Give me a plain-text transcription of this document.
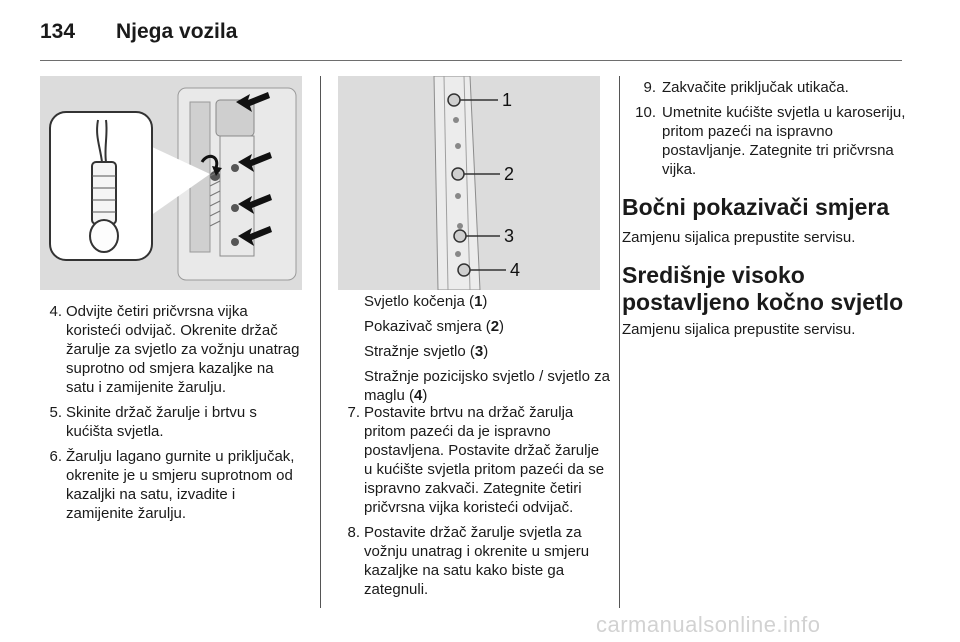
134 Njega vozila
1
2
3
4
4. Odvijte četiri pričvrsna vijka koristeći odvijač. Okrenite držač žarulje za svjetlo za vožnju unatrag suprotno od smjera kazaljke na satu i zamijenite žarulju.
5. Skinite držač žarulje i brtvu s kućišta svjetla.
6. Žarulju lagano gurnite u priključak, okrenite je u smjeru suprotnom od kazaljki na satu, izvadite i zamijenite žarulju.

Svjetlo kočenja (1)

Pokazivač smjera (2)

Stražnje svjetlo (3)

Stražnje pozicijsko svjetlo / svjetlo za maglu (4)

7. Postavite brtvu na držač žarulja pritom pazeći da je ispravno postavljena. Postavite držač žarulje u kućište svjetla pritom pazeći da se ispravno zakvači. Zategnite četiri pričvrsna vijka koristeći odvijač.
8. Postavite držač žarulje svjetla za vožnju unatrag i okrenite u smjeru kazaljke na satu kako biste ga zategnuli.
9. Zakvačite priključak utikača.
10. Umetnite kućište svjetla u karoseriju, pritom pazeći na ispravno postavljanje. Zategnite tri pričvrsna vijka.
Bočni pokazivači smjera
Zamjenu sijalica prepustite servisu.
Središnje visoko
postavljeno kočno svjetlo
Zamjenu sijalica prepustite servisu.
carmanualsonline.info
